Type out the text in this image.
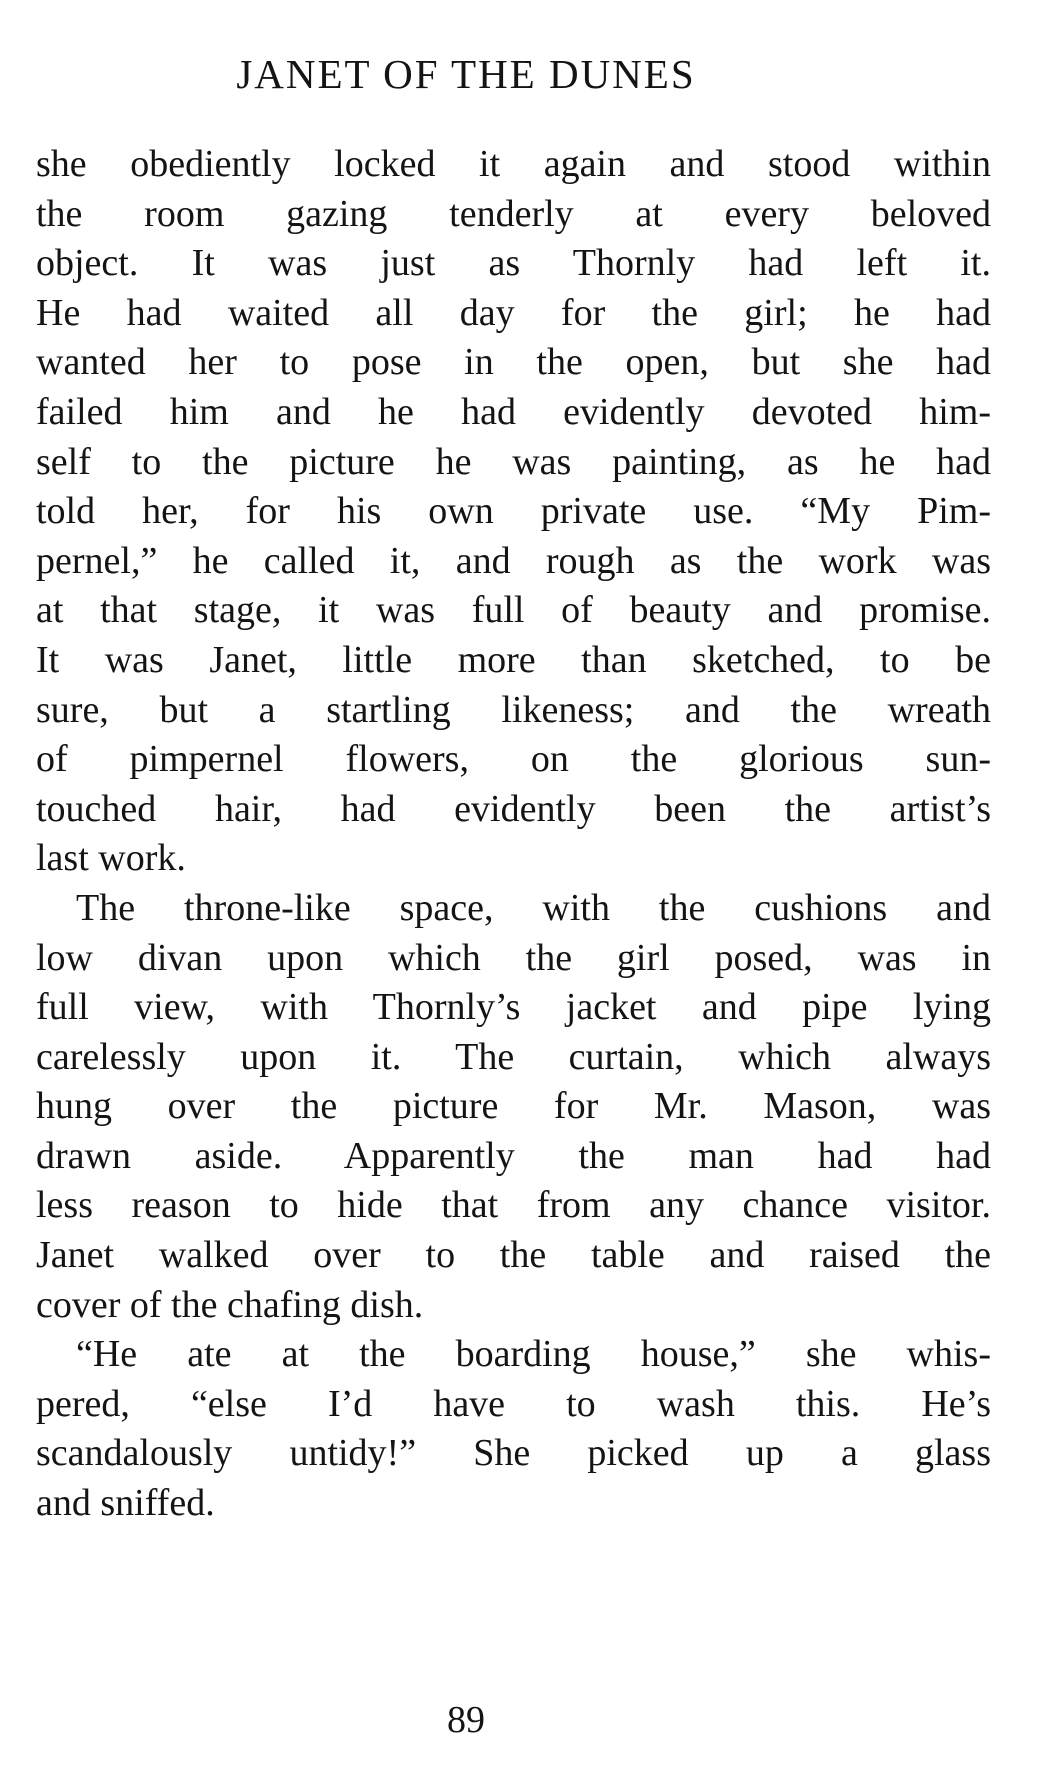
JANET OF THE DUNES
she obediently locked it again and stood within
the room gazing tenderly at every beloved
object. It was just as Thornly had left it.
He had waited all day for the girl; he had
wanted her to pose in the open, but she had
failed him and he had evidently devoted him-
self to the picture he was painting, as he had
told her, for his own private use. “My Pim-
pernel,” he called it, and rough as the work was
at that stage, it was full of beauty and promise.
It was Janet, little more than sketched, to be
sure, but a startling likeness; and the wreath
of pimpernel flowers, on the glorious sun-
touched hair, had evidently been the artist’s
last work.
The throne-like space, with the cushions and
low divan upon which the girl posed, was in
full view, with Thornly’s jacket and pipe lying
carelessly upon it. The curtain, which always
hung over the picture for Mr. Mason, was
drawn aside. Apparently the man had had
less reason to hide that from any chance visitor.
Janet walked over to the table and raised the
cover of the chafing dish.
“He ate at the boarding house,” she whis-
pered, “else I’d have to wash this. He’s
scandalously untidy!” She picked up a glass
and sniffed.
89
